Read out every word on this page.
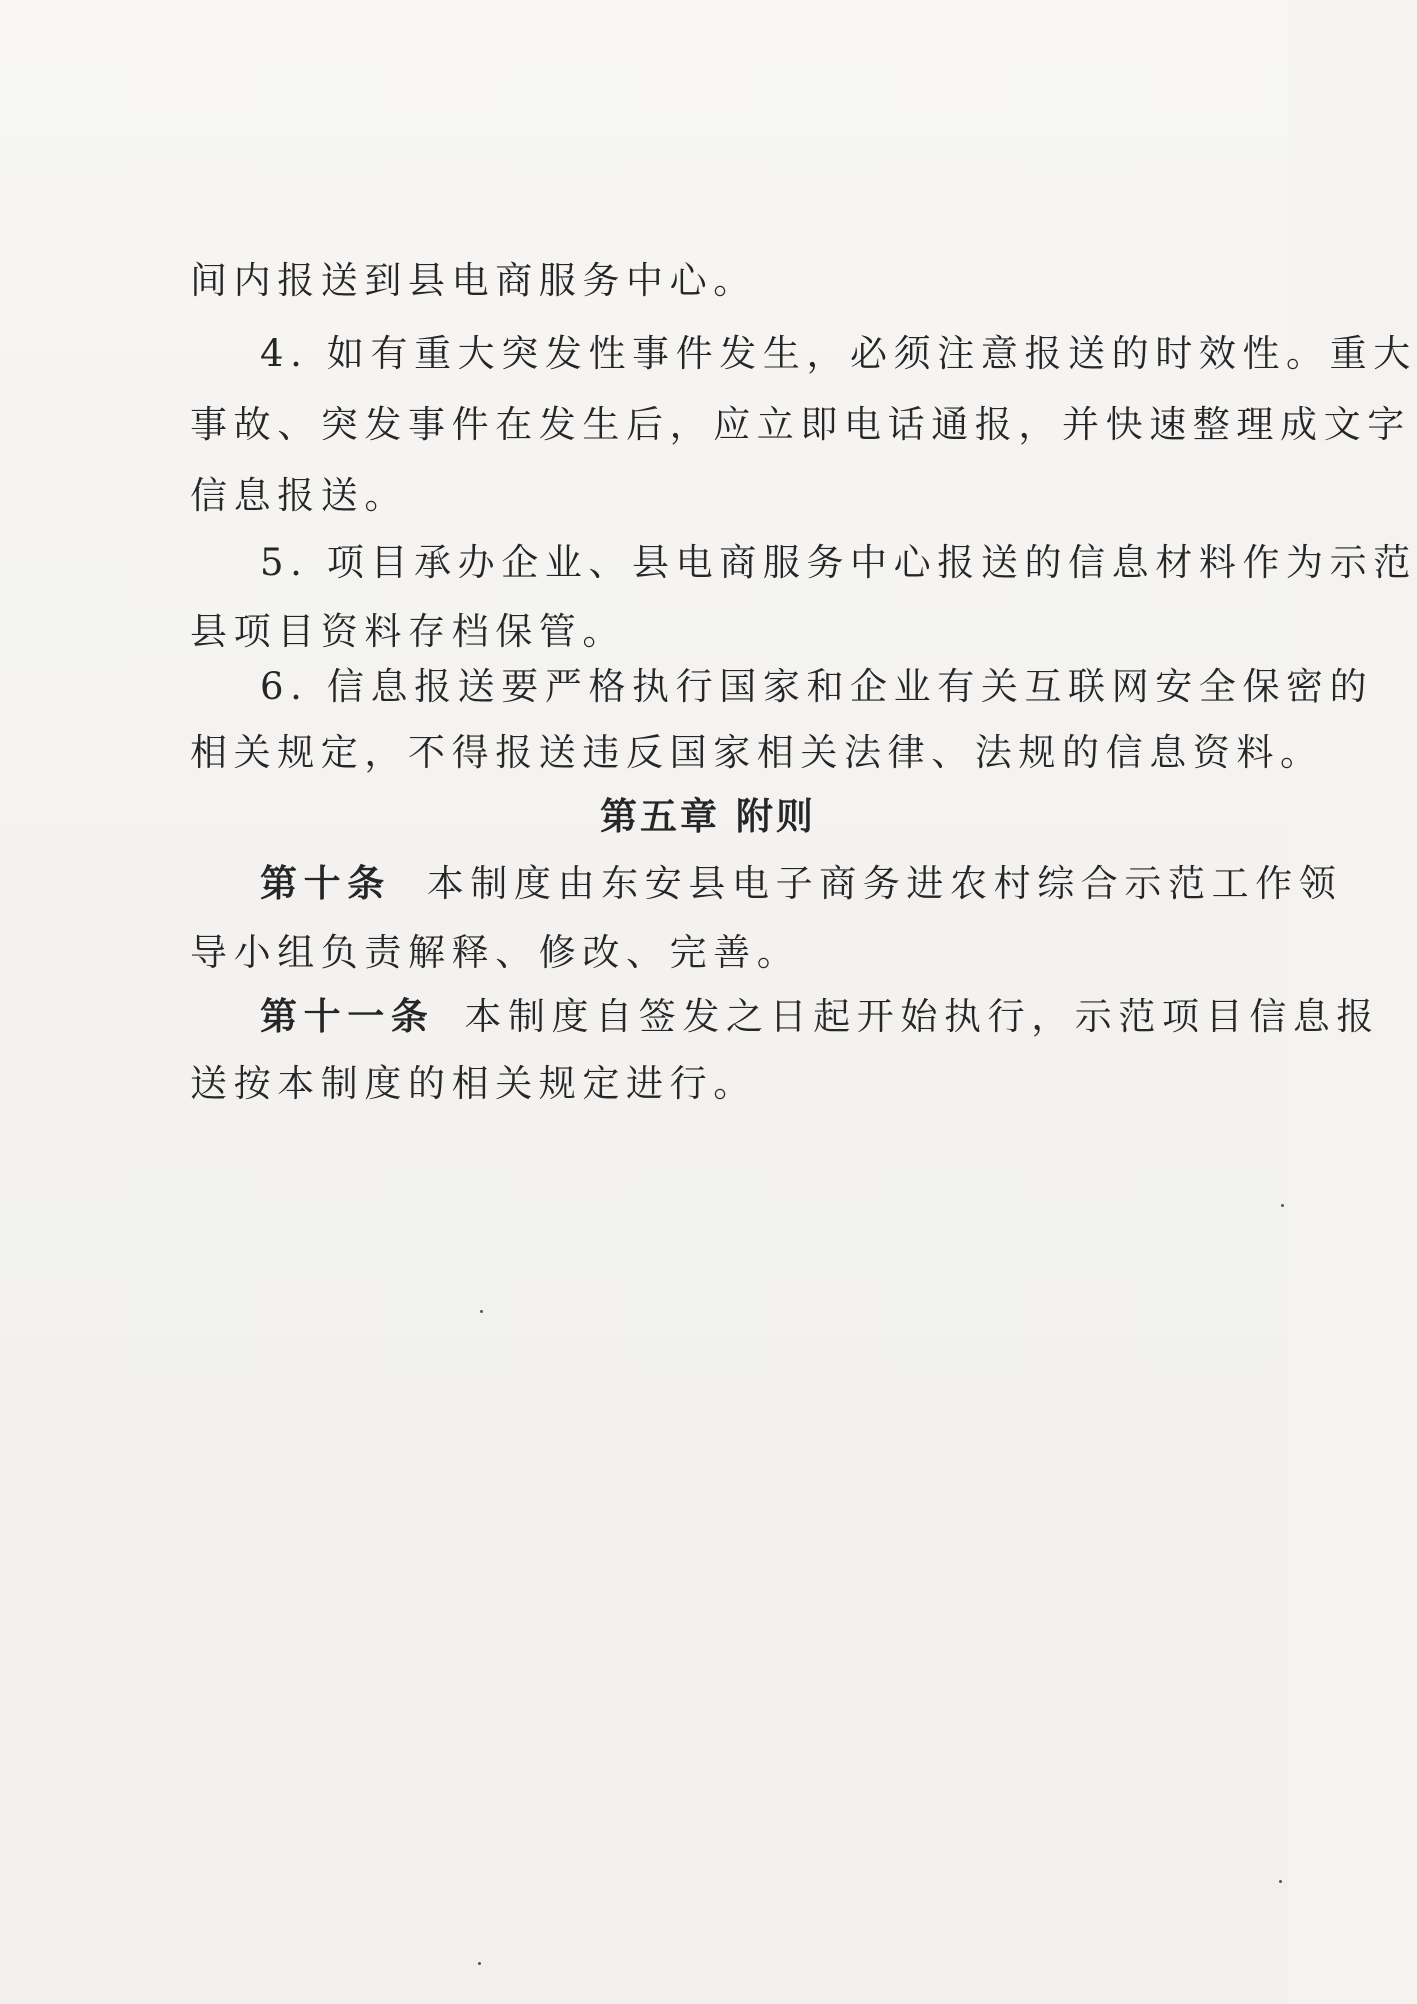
间内报送到县电商服务中心。
4. 如有重大突发性事件发生，必须注意报送的时效性。重大
事故、突发事件在发生后，应立即电话通报，并快速整理成文字
信息报送。
5. 项目承办企业、县电商服务中心报送的信息材料作为示范
县项目资料存档保管。
6. 信息报送要严格执行国家和企业有关互联网安全保密的
相关规定，不得报送违反国家相关法律、法规的信息资料。
第十条 本制度由东安县电子商务进农村综合示范工作领
导小组负责解释、修改、完善。
第十一条 本制度自签发之日起开始执行，示范项目信息报
送按本制度的相关规定进行。
第五章 附则
